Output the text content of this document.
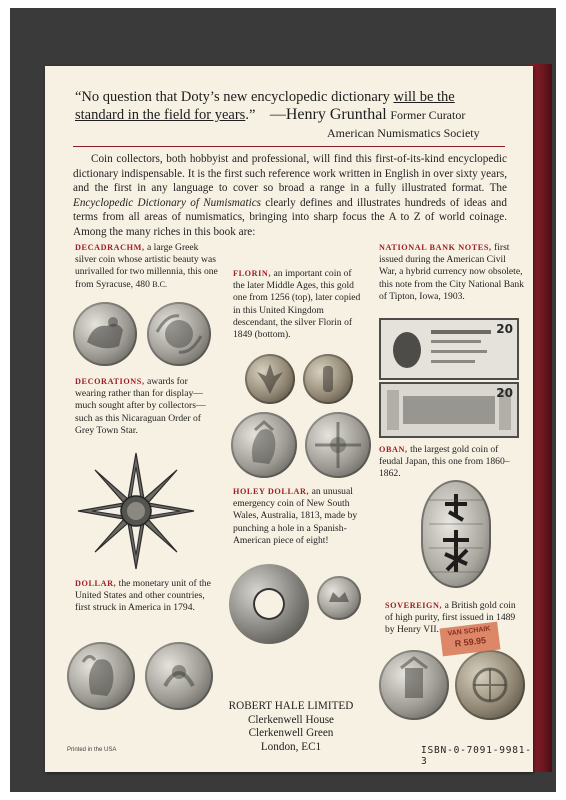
“No question that Doty’s new encyclopedic dictionary will be the
standard in the field for years.” —Henry Grunthal Former Curator
American Numismatics Society
Coin collectors, both hobbyist and professional, will find this first-of-its-kind encyclopedic dictionary indispensable. It is the first such reference work written in English in over sixty years, and the first in any language to cover so broad a range in a fully illustrated format. The Encyclopedic Dictionary of Numismatics clearly defines and illustrates hundreds of ideas and terms from all areas of numismatics, bringing into sharp focus the A to Z of world coinage. Among the many riches in this book are:
DECADRACHM, a large Greek silver coin whose artistic beauty was unrivalled for two millennia, this one from Syracuse, 480 B.C.
DECORATIONS, awards for wearing rather than for display—much sought after by collectors—such as this Nicaraguan Order of Grey Town Star.
DOLLAR, the monetary unit of the United States and other countries, first struck in America in 1794.
FLORIN, an important coin of the later Middle Ages, this gold one from 1256 (top), later copied in this United Kingdom descendant, the silver Florin of 1849 (bottom).
HOLEY DOLLAR, an unusual emergency coin of New South Wales, Australia, 1813, made by punching a hole in a Spanish-American piece of eight!
ROBERT HALE LIMITED
Clerkenwell House
Clerkenwell Green
London, EC1
NATIONAL BANK NOTES, first issued during the American Civil War, a hybrid currency now obsolete, this note from the City National Bank of Tipton, Iowa, 1903.
20
20
OBAN, the largest gold coin of feudal Japan, this one from 1860–1862.
SOVEREIGN, a British gold coin of high purity, first issued in 1489 by Henry VII.	VAN SCHAIK
R 59.95
Printed in the USA	ISBN-0-7091-9981-3
